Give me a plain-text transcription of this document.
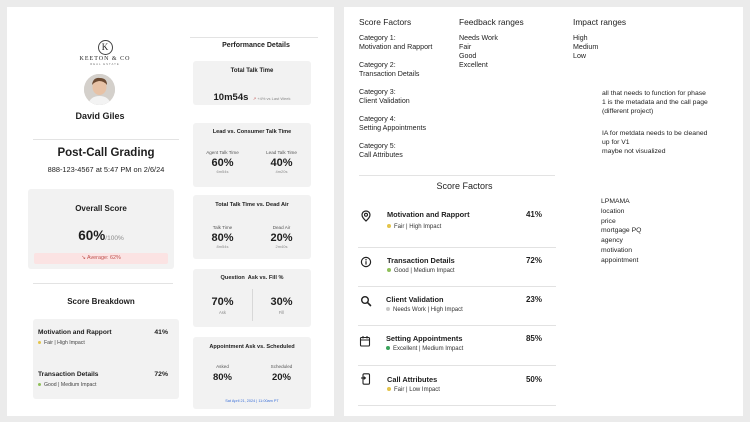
K
KEETON & CO
REAL ESTATE
David Giles
Post-Call Grading
888-123-4567 at 5:47 PM on 2/6/24
Overall Score
60%/100%
↘ Average: 62%
Score Breakdown
Motivation and Rapport	41%
Fair | High Impact
Transaction Details	72%
Good | Medium Impact
Performance Details
Total Talk Time
10m54s ↗ +4% vs Last Week
Lead vs. Consumer Talk Time
Agent Talk Time
60%
6m54s
Lead Talk Time
40%
4m20s
Total Talk Time vs. Dead Air
Talk Time
80%
8m54s
Dead Air
20%
2m40s
Question  Ask vs. Fill %
70%
Ask
30%
Fill
Appointment Ask vs. Scheduled
Asked
80%
Scheduled
20%
Sat April 21, 2024 | 11:00am PT
Score Factors
Category 1:
Motivation and Rapport
Category 2:
Transaction Details
Category 3:
Client Validation
Category 4:
Setting Appointments
Category 5:
Call Attributes
Feedback ranges
Needs Work
Fair
Good
Excellent
Impact ranges
High
Medium
Low
all that needs to function for phase
1 is the metadata and the call page
(different project)
IA for metdata needs to be cleaned
up for V1
maybe not visualized
LPMAMA
location
price
mortgage PQ
agency
motivation
appointment
Score Factors
Motivation and Rapport	41%
Fair | High Impact
Transaction Details	72%
Good | Medium Impact
Client Validation	23%
Needs Work | High Impact
Setting Appointments	85%
Excellent | Medium Impact
Call Attributes	50%
Fair | Low Impact
